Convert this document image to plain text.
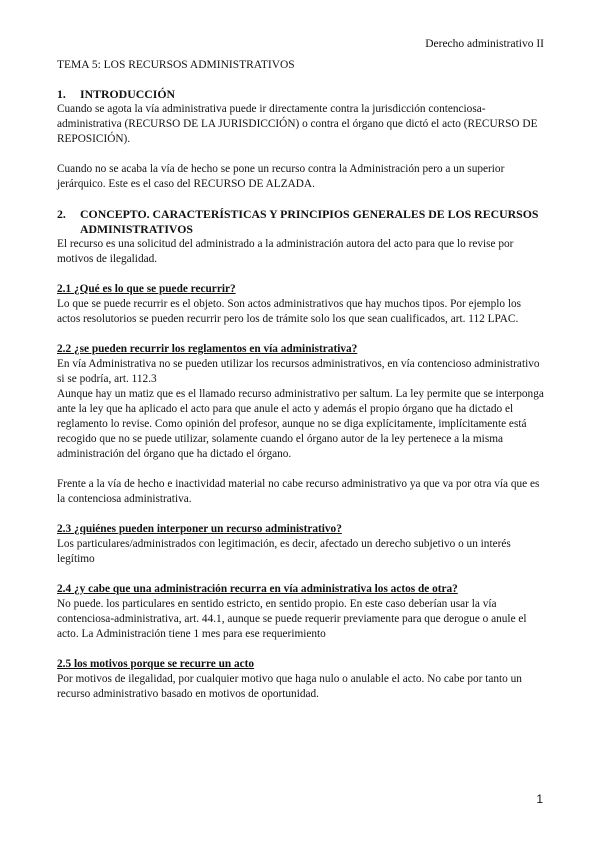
Derecho administrativo II

TEMA 5: LOS RECURSOS ADMINISTRATIVOS

1.	INTRODUCCIÓN

Cuando se agota la vía administrativa puede ir directamente contra la jurisdicción contenciosa-administrativa (RECURSO DE LA JURISDICCIÓN) o contra el órgano que dictó el acto (RECURSO DE REPOSICIÓN).

Cuando no se acaba la vía de hecho se pone un recurso contra la Administración pero a un superior jerárquico. Este es el caso del RECURSO DE ALZADA.

2.	CONCEPTO. CARACTERÍSTICAS Y PRINCIPIOS GENERALES DE LOS RECURSOS ADMINISTRATIVOS

El recurso es una solicitud del administrado a la administración autora del acto para que lo revise por motivos de ilegalidad.

2.1 ¿Qué es lo que se puede recurrir?

Lo que se puede recurrir es el objeto. Son actos administrativos que hay muchos tipos. Por ejemplo los actos resolutorios se pueden recurrir pero los de trámite solo los que sean cualificados, art. 112 LPAC.

2.2 ¿se pueden recurrir los reglamentos en vía administrativa?

En vía Administrativa no se pueden utilizar los recursos administrativos, en vía contencioso administrativo si se podría, art. 112.3

Aunque hay un matiz que es el llamado recurso administrativo per saltum. La ley permite que se interponga ante la ley que ha aplicado el acto para que anule el acto y además el propio órgano que ha dictado el reglamento lo revise. Como opinión del profesor, aunque no se diga explícitamente, implícitamente está recogido que no se puede utilizar, solamente cuando el órgano autor de la ley pertenece a la misma administración del órgano que ha dictado el órgano.

Frente a la vía de hecho e inactividad material no cabe recurso administrativo ya que va por otra vía que es la contenciosa administrativa.

2.3 ¿quiénes pueden interponer un recurso administrativo?

Los particulares/administrados con legitimación, es decir, afectado un derecho subjetivo o un interés legítimo

2.4 ¿y cabe que una administración recurra en vía administrativa los actos de otra?

No puede. los particulares en sentido estricto, en sentido propio. En este caso deberían usar la vía contenciosa-administrativa, art. 44.1, aunque se puede requerir previamente para que derogue o anule el acto. La Administración tiene 1 mes para ese requerimiento

2.5 los motivos porque se recurre un acto

Por motivos de ilegalidad, por cualquier motivo que haga nulo o anulable el acto. No cabe por tanto un recurso administrativo basado en motivos de oportunidad.

1
